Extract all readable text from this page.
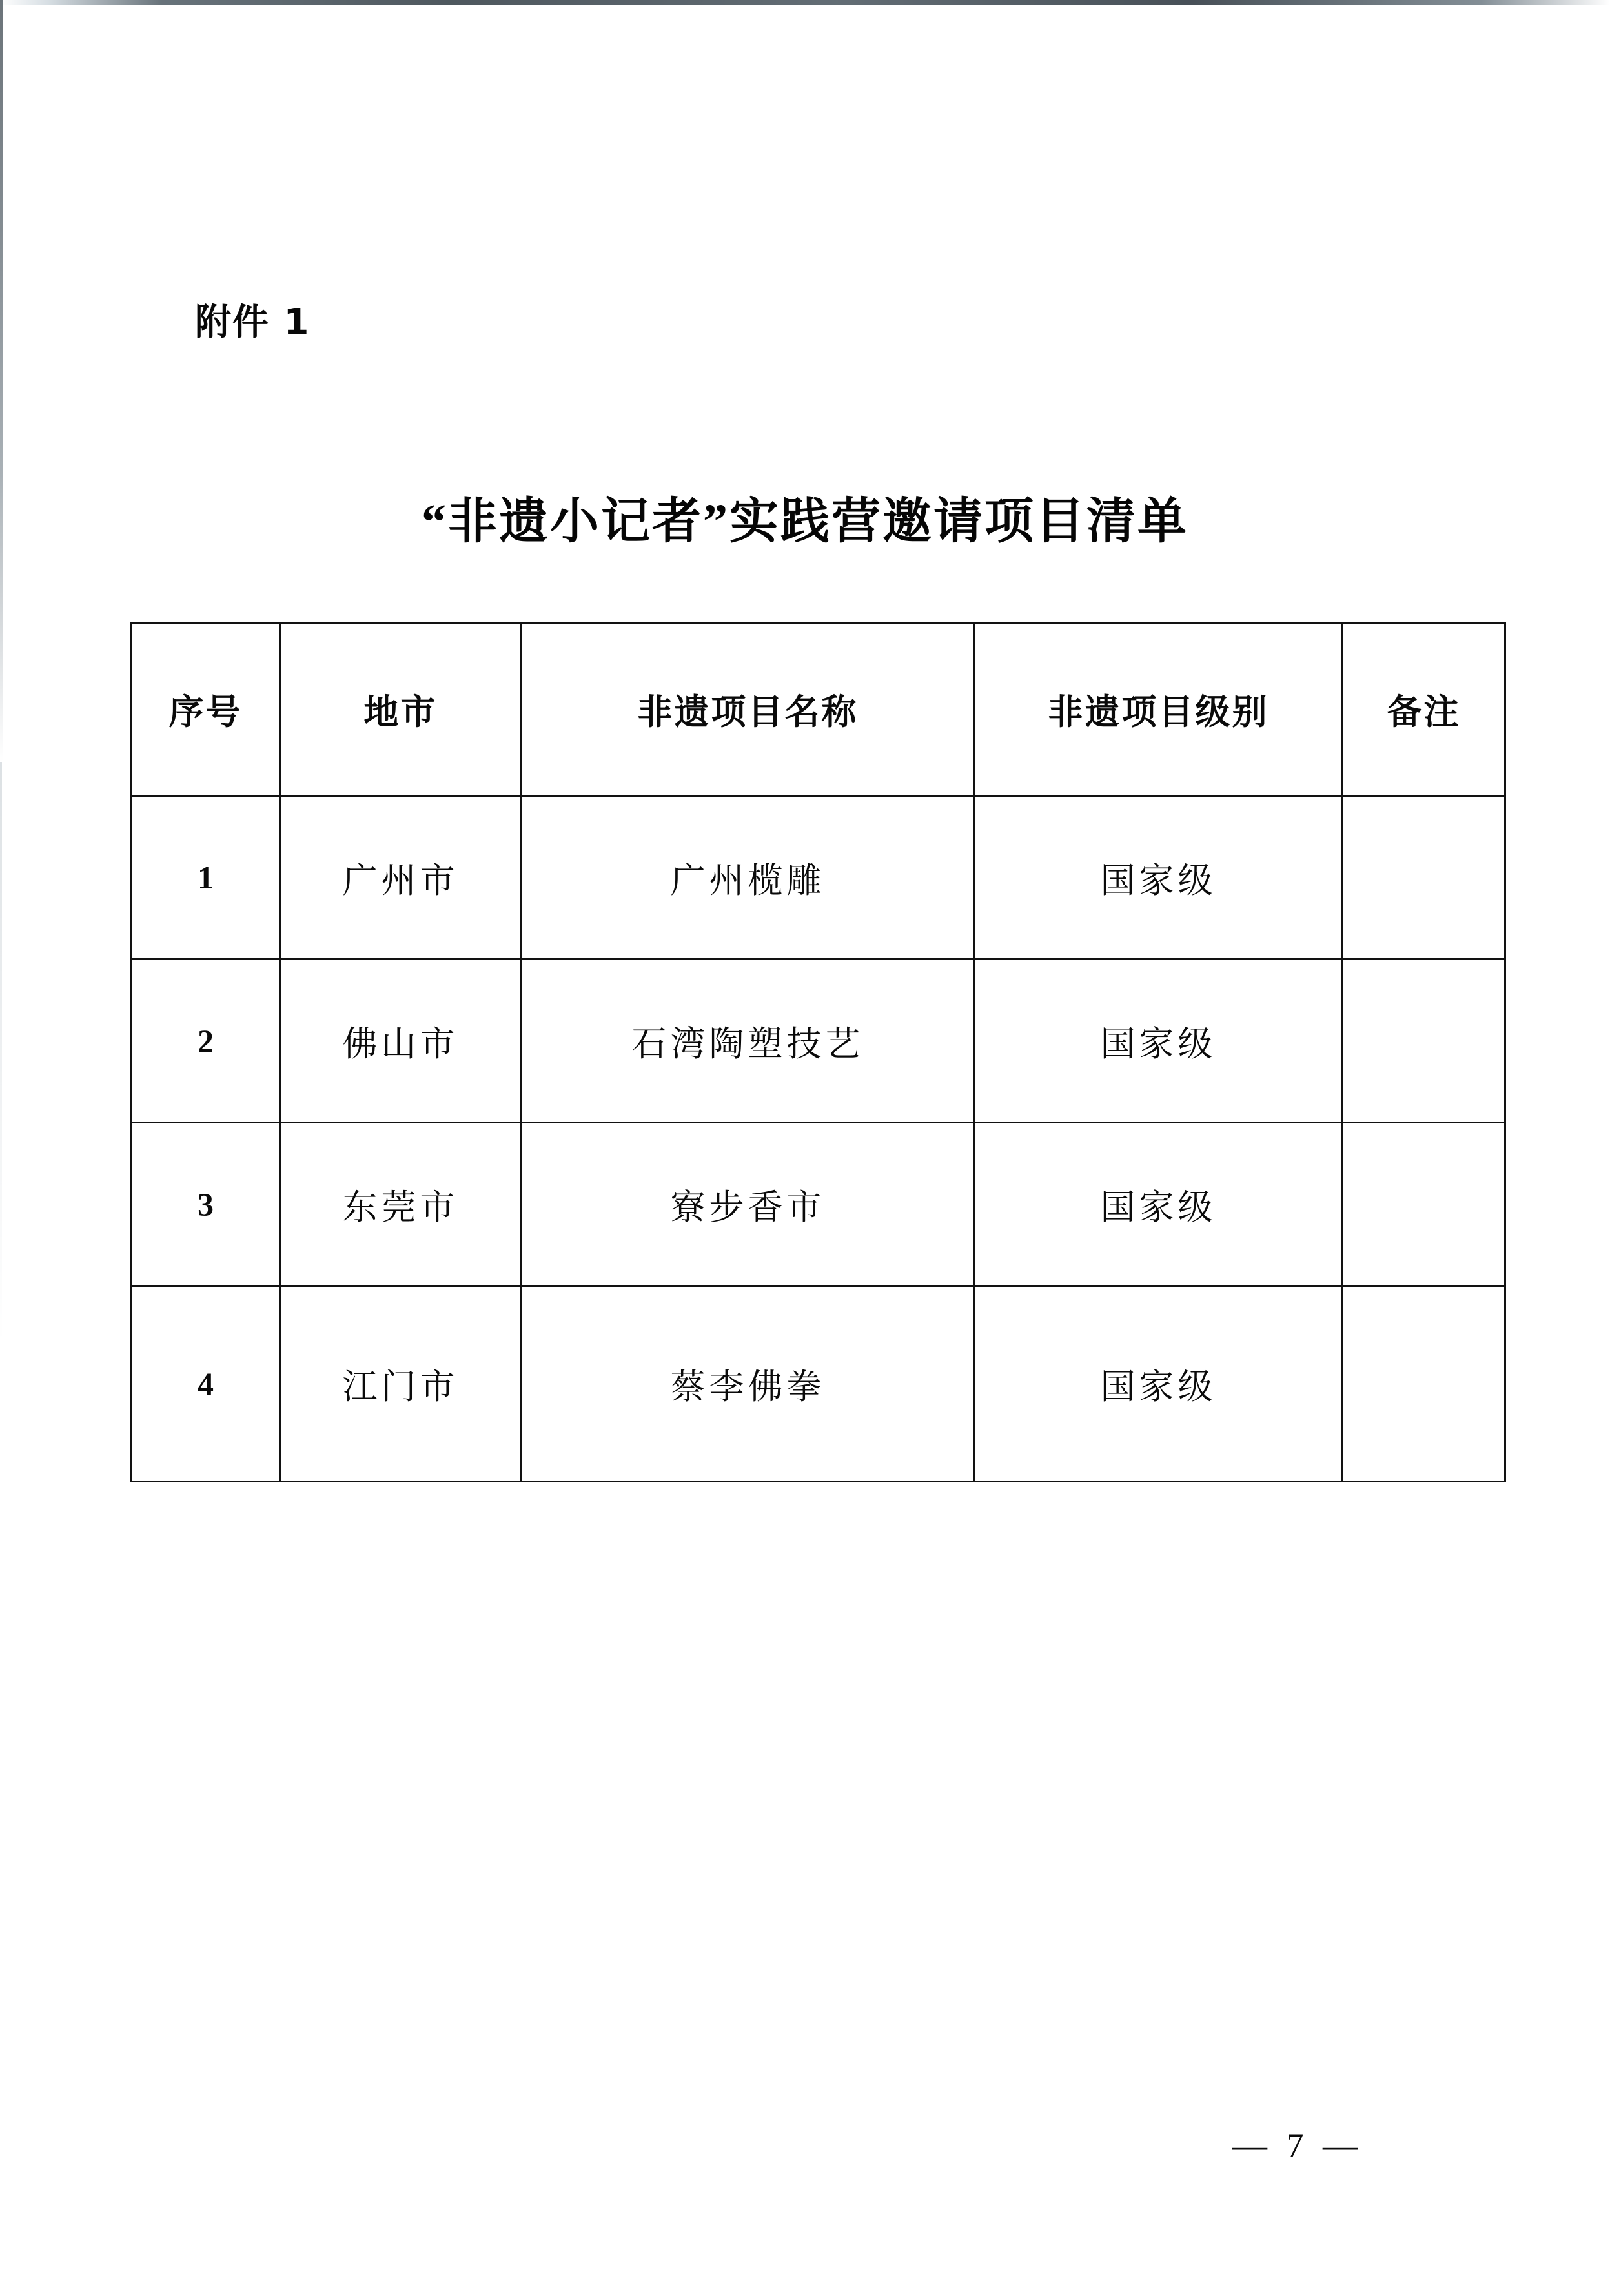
附件 1
“非遗小记者”实践营邀请项目清单
序号	地市	非遗项目名称	非遗项目级别	备注
1	广州市	广州榄雕	国家级	
2	佛山市	石湾陶塑技艺	国家级	
3	东莞市	寮步香市	国家级	
4	江门市	蔡李佛拳	国家级	
— 7 —
